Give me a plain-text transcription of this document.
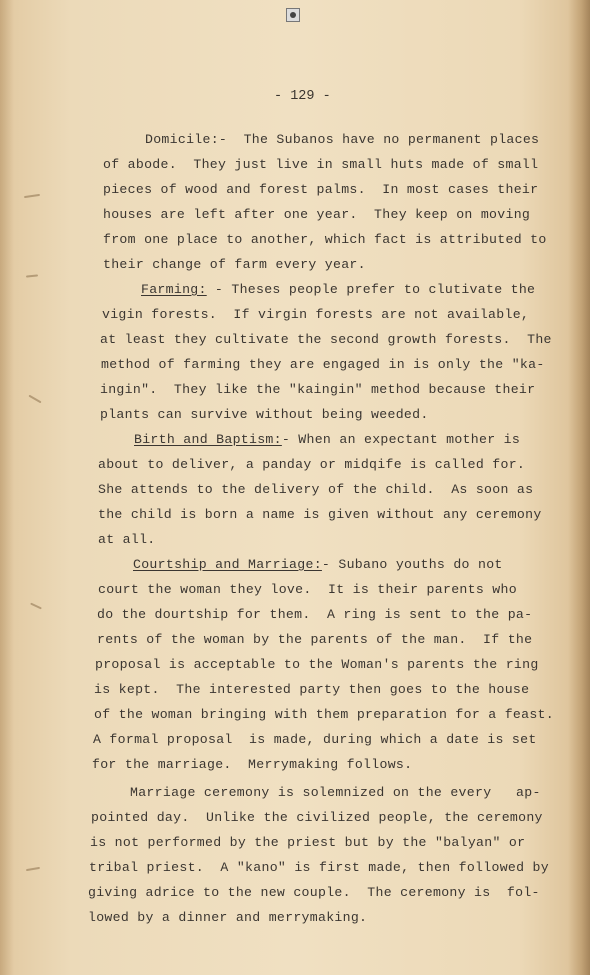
- 129 -
Domicile:-  The Subanos have no permanent places
of abode.  They just live in small huts made of small
pieces of wood and forest palms.  In most cases their
houses are left after one year.  They keep on moving
from one place to another, which fact is attributed to
their change of farm every year.
Farming: - Theses people prefer to clutivate the
vigin forests.  If virgin forests are not available,
at least they cultivate the second growth forests.  The
method of farming they are engaged in is only the "ka-
ingin".  They like the "kaingin" method because their
plants can survive without being weeded.
Birth and Baptism:- When an expectant mother is
about to deliver, a panday or midqife is called for.
She attends to the delivery of the child.  As soon as
the child is born a name is given without any ceremony
at all.
Courtship and Marriage:- Subano youths do not
court the woman they love.  It is their parents who
do the dourtship for them.  A ring is sent to the pa-
rents of the woman by the parents of the man.  If the
proposal is acceptable to the Woman's parents the ring
is kept.  The interested party then goes to the house
of the woman bringing with them preparation for a feast.
A formal proposal  is made, during which a date is set
for the marriage.  Merrymaking follows.
Marriage ceremony is solemnized on the every   ap-
pointed day.  Unlike the civilized people, the ceremony
is not performed by the priest but by the "balyan" or
tribal priest.  A "kano" is first made, then followed by
giving adrice to the new couple.  The ceremony is  fol-
lowed by a dinner and merrymaking.
